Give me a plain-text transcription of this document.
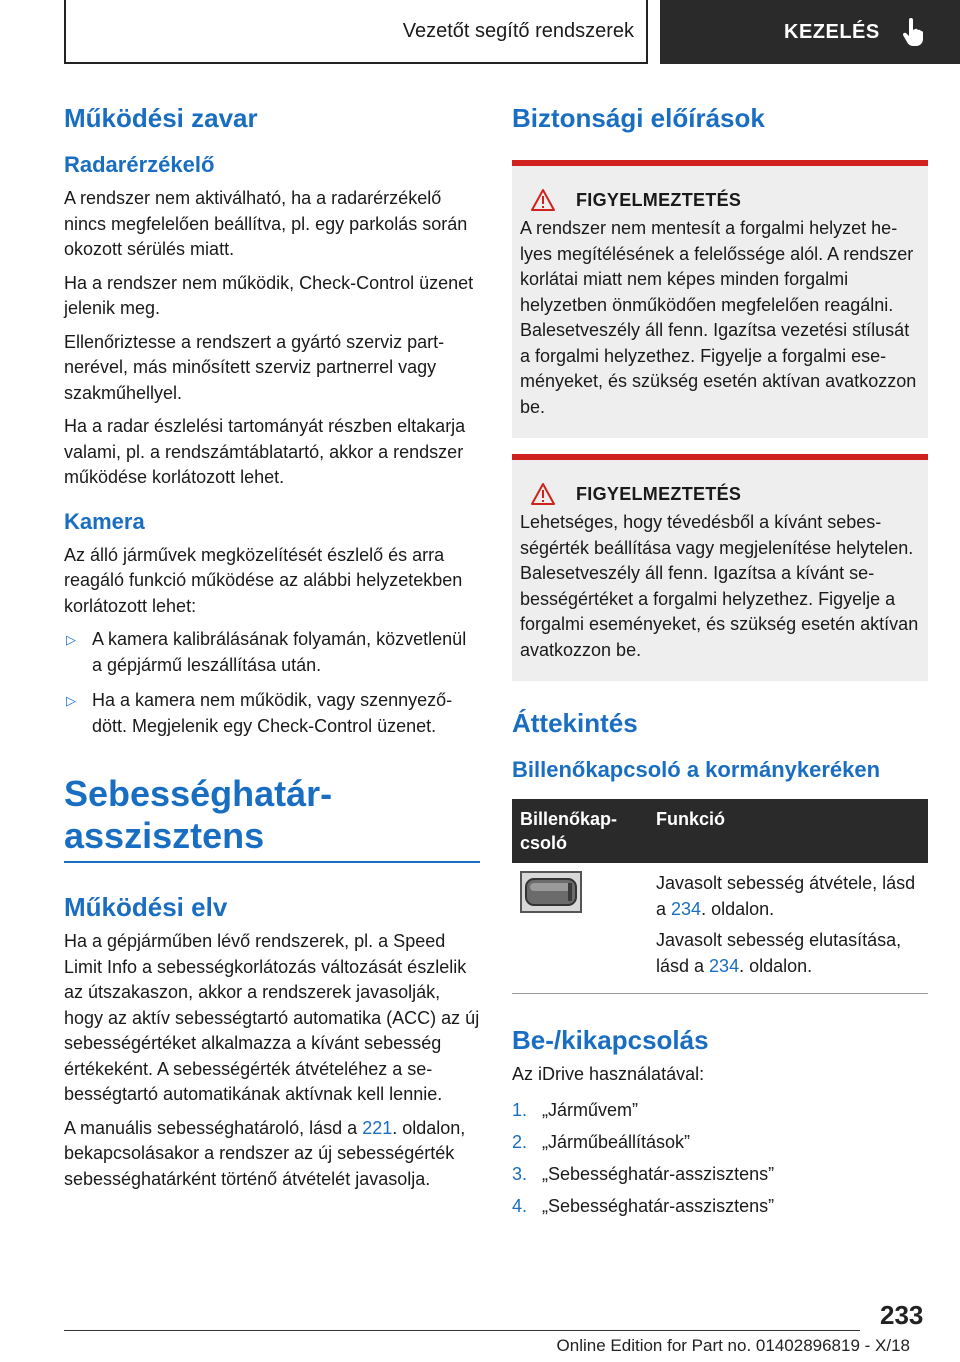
Vezetőt segítő rendszerek	KEZELÉS
Működési zavar
Radarérzékelő

A rendszer nem aktiválható, ha a radarérzékelő nincs megfelelően beállítva, pl. egy parkolás során okozott sérülés miatt.

Ha a rendszer nem működik, Check-Control üzenet jelenik meg.

Ellenőriztesse a rendszert a gyártó szerviz partnerével, más minősített szerviz partnerrel vagy szakműhellyel.

Ha a radar észlelési tartományát részben eltakarja valami, pl. a rendszámtáblatartó, akkor a rendszer működése korlátozott lehet.

Kamera

Az álló járművek megközelítését észlelő és arra reagáló funkció működése az alábbi helyzetekben korlátozott lehet:

▷ A kamera kalibrálásának folyamán, közvetlenül a gépjármű leszállítása után.
▷ Ha a kamera nem működik, vagy szennyeződött. Megjelenik egy Check-Control üzenet.
Sebességhatárasszisztens
Működési elv

Ha a gépjárműben lévő rendszerek, pl. a Speed Limit Info a sebességkorlátozás változását észlelik az útszakaszon, akkor a rendszerek javasolják, hogy az aktív sebességtartó automatika (ACC) az új sebességértéket alkalmazza a kívánt sebesség értékeként. A sebességérték átvételéhez a sebességtartó automatikának aktívnak kell lennie.

A manuális sebességhatároló, lásd a 221. oldalon, bekapcsolásakor a rendszer az új sebességérték sebességhatárként történő átvételét javasolja.

Biztonsági előírások
FIGYELMEZTETÉS

A rendszer nem mentesít a forgalmi helyzet helyes megítélésének a felelőssége alól. A rendszer korlátai miatt nem képes minden forgalmi helyzetben önműködően megfelelően reagálni. Balesetveszély áll fenn. Igazítsa vezetési stílusát a forgalmi helyzethez. Figyelje a forgalmi eseményeket, és szükség esetén aktívan avatkozzon be.

FIGYELMEZTETÉS

Lehetséges, hogy tévedésből a kívánt sebességérték beállítása vagy megjelenítése helytelen. Balesetveszély áll fenn. Igazítsa a kívánt sebességértéket a forgalmi helyzethez. Figyelje a forgalmi eseményeket, és szükség esetén aktívan avatkozzon be.

Áttekintés
Billenőkapcsoló a kormánykeréken
Billenőkapcsoló	Funkció

Javasolt sebesség átvétele, lásd a 234. oldalon.

Javasolt sebesség elutasítása, lásd a 234. oldalon.

Be-/kikapcsolás

Az iDrive használatával:

1. „Járművem”
2. „Járműbeállítások”
3. „Sebességhatár-asszisztens”
4. „Sebességhatár-asszisztens”
233
Online Edition for Part no. 01402896819 - X/18
